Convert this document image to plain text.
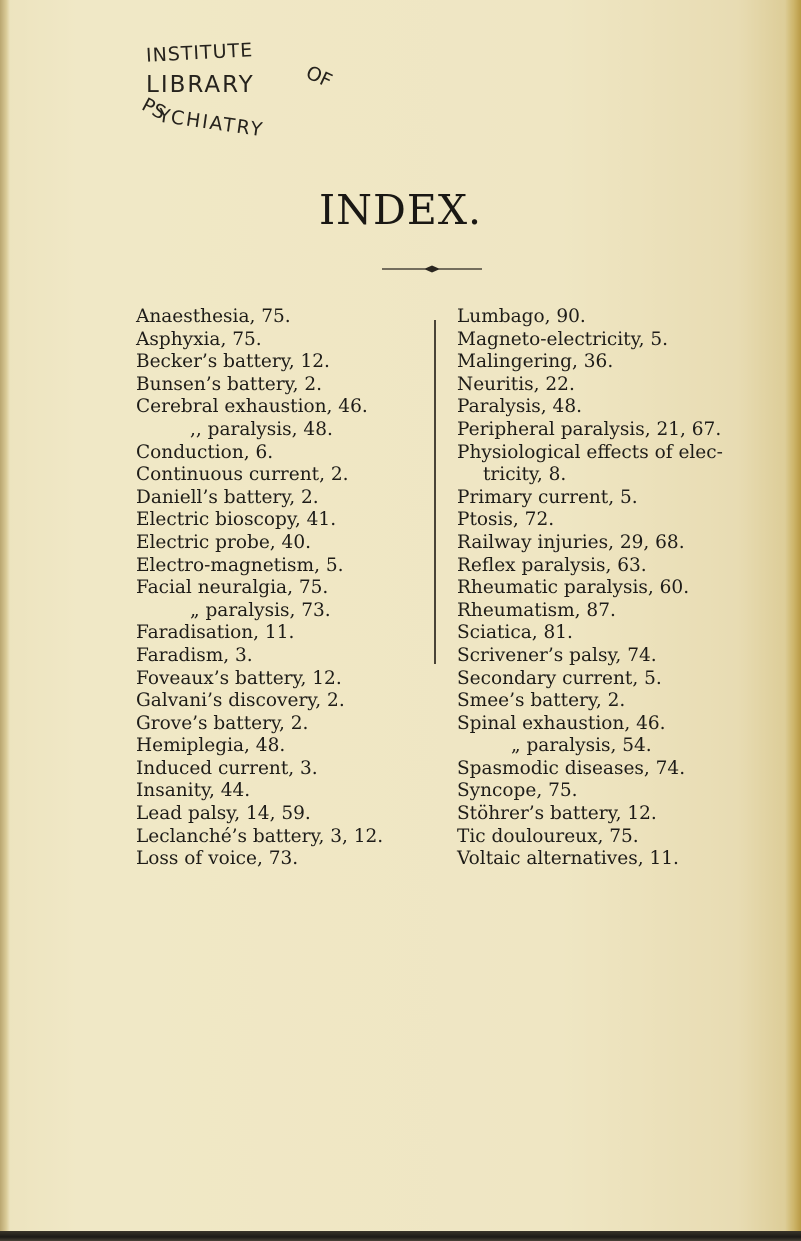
INSTITUTE
OF
LIBRARY
PS
YCHIATRY
INDEX.
Anaesthesia, 75.
Asphyxia, 75.
Becker’s battery, 12.
Bunsen’s battery, 2.
Cerebral exhaustion, 46.
,, paralysis, 48.
Conduction, 6.
Continuous current, 2.
Daniell’s battery, 2.
Electric bioscopy, 41.
Electric probe, 40.
Electro-magnetism, 5.
Facial neuralgia, 75.
„ paralysis, 73.
Faradisation, 11.
Faradism, 3.
Foveaux’s battery, 12.
Galvani’s discovery, 2.
Grove’s battery, 2.
Hemiplegia, 48.
Induced current, 3.
Insanity, 44.
Lead palsy, 14, 59.
Leclanché’s battery, 3, 12.
Loss of voice, 73.
Lumbago, 90.
Magneto-electricity, 5.
Malingering, 36.
Neuritis, 22.
Paralysis, 48.
Peripheral paralysis, 21, 67.
Physiological effects of elec-
tricity, 8.
Primary current, 5.
Ptosis, 72.
Railway injuries, 29, 68.
Reflex paralysis, 63.
Rheumatic paralysis, 60.
Rheumatism, 87.
Sciatica, 81.
Scrivener’s palsy, 74.
Secondary current, 5.
Smee’s battery, 2.
Spinal exhaustion, 46.
„ paralysis, 54.
Spasmodic diseases, 74.
Syncope, 75.
Stöhrer’s battery, 12.
Tic douloureux, 75.
Voltaic alternatives, 11.
